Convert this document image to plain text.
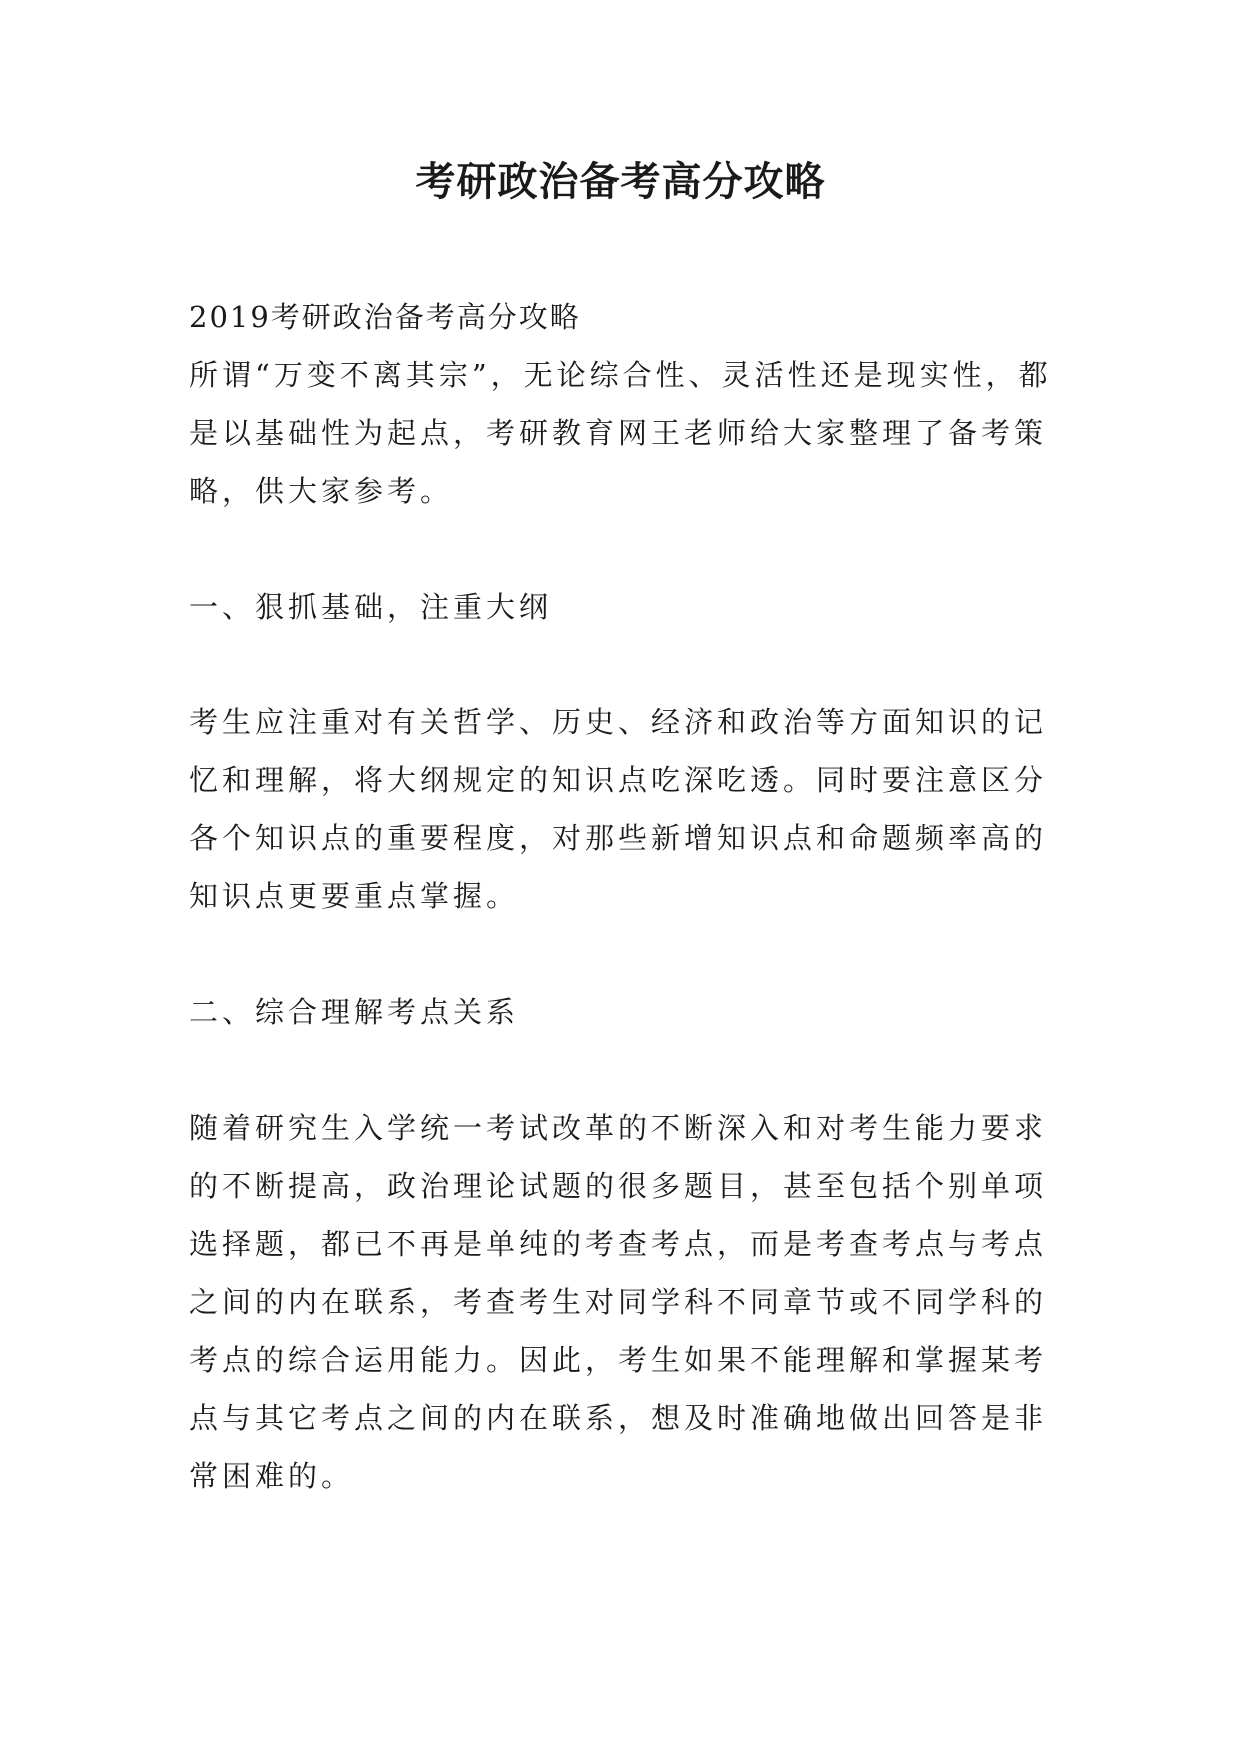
考研政治备考高分攻略

2019考研政治备考高分攻略

所谓“万变不离其宗”，无论综合性、灵活性还是现实性，都是以基础性为起点，考研教育网王老师给大家整理了备考策略，供大家参考。

一、狠抓基础，注重大纲

考生应注重对有关哲学、历史、经济和政治等方面知识的记忆和理解，将大纲规定的知识点吃深吃透。同时要注意区分各个知识点的重要程度，对那些新增知识点和命题频率高的知识点更要重点掌握。

二、综合理解考点关系

随着研究生入学统一考试改革的不断深入和对考生能力要求的不断提高，政治理论试题的很多题目，甚至包括个别单项选择题，都已不再是单纯的考查考点，而是考查考点与考点之间的内在联系，考查考生对同学科不同章节或不同学科的考点的综合运用能力。因此，考生如果不能理解和掌握某考点与其它考点之间的内在联系，想及时准确地做出回答是非常困难的。
